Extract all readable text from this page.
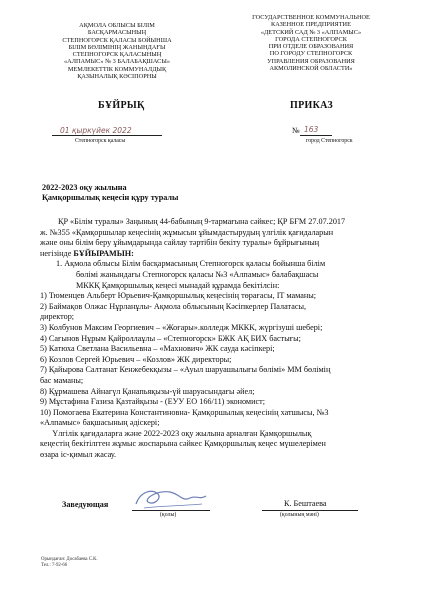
АҚМОЛА ОБЛЫСЫ БІЛІМ
БАСҚАРМАСЫНЫҢ
СТЕПНОГОРСК ҚАЛАСЫ БОЙЫНША
БІЛІМ БӨЛІМІНІҢ ЖАНЫНДАҒЫ
СТЕПНОГОРСК ҚАЛАСЫНЫҢ
«АЛПАМЫС» № 3 БАЛАБАҚШАСЫ»
МЕМЛЕКЕТТІК КОММУНАЛДЫҚ
ҚАЗЫНАЛЫҚ КӘСІПОРНЫ
ГОСУДАРСТВЕННОЕ КОММУНАЛЬНОЕ
КАЗЕННОЕ ПРЕДПРИЯТИЕ
«ДЕТСКИЙ САД № 3 «АЛПАМЫС»
ГОРОДА СТЕПНОГОРСК
ПРИ ОТДЕЛЕ ОБРАЗОВАНИЯ
ПО ГОРОДУ СТЕПНОГОРСК
УПРАВЛЕНИЯ ОБРАЗОВАНИЯ
АКМОЛИНСКОЙ ОБЛАСТИ»
БҰЙРЫҚ	ПРИКАЗ
01 қыркүйек 2022
Степногорск қаласы
№ 163
город Степногорск
2022-2023 оқу жылына
Қамқоршылық кеңесін құру туралы
ҚР «Білім туралы» Заңының 44-бабының 9-тармағына сәйкес; ҚР БҒМ 27.07.2017
ж. №355 «Қамқоршылар кеңесінің жұмысын ұйымдастырудың үлгілік қағидаларын
және оны білім беру ұйымдарында сайлау тәртібін бекіту туралы» бұйрығының
негізінде БҰЙЫРАМЫН:
1. Ақмола облысы Білім басқармасының Степногорск қаласы бойынша білім
бөлімі жанындағы Степногорск қаласы №3 «Алпамыс» балабақшасы
МККҚ Қамқоршылық кеңесі мынадай құрамда бекітілсін:
1) Тюменцев Альберт Юрьевич-Қамқоршылық кеңесінің төрағасы, IT маманы;
2) Баймақов Олжас Нұрланұлы- Ақмола облысының Кәсіпкерлер Палатасы,
директор;
3) Колбунов Максим Георгиевич – «Жоғары».колледж МККК, жүргізуші шебері;
4) Сағынов Нұрым Қайроллаұлы – «Степногорск» БЖК АҚ БИХ бастығы;
5) Катюха Светлана Васильевна – «Махнович» ЖК сауда кәсіпкері;
6) Козлов Сергей Юрьевич – «Козлов» ЖК директоры;
7) Қайырова Салтанат Кенжебекқызы – «Ауыл шаруашылығы бөлімі» ММ бөлімің
бас маманы;
8) Құрмашева Айнагүл Қанапьяқызы-үй шаруасындағы әйел;
9) Мұстафина Ғазиза Қазтайқызы - (ЕУУ ЕО 166/11) экономист;
10) Помогаева Екатерина Константиновна- Қамқоршылық кеңесінің хатшысы, №3
«Алпамыс» бақшасының әдіскері;
Үлгілік қағидаларға және 2022-2023 оқу жылына арналған Қамқоршылық
кеңестің бекітілгген жұмыс жоспарына сәйкес Қамқоршылық кеңес мүшелерімен
өзара іс-қимыл жасау.
Заведующая
(қолы)
К. Бештаева
(қолының мәні)
Орындаған: Досабаева С.К.
Тел.: 7-92-66
